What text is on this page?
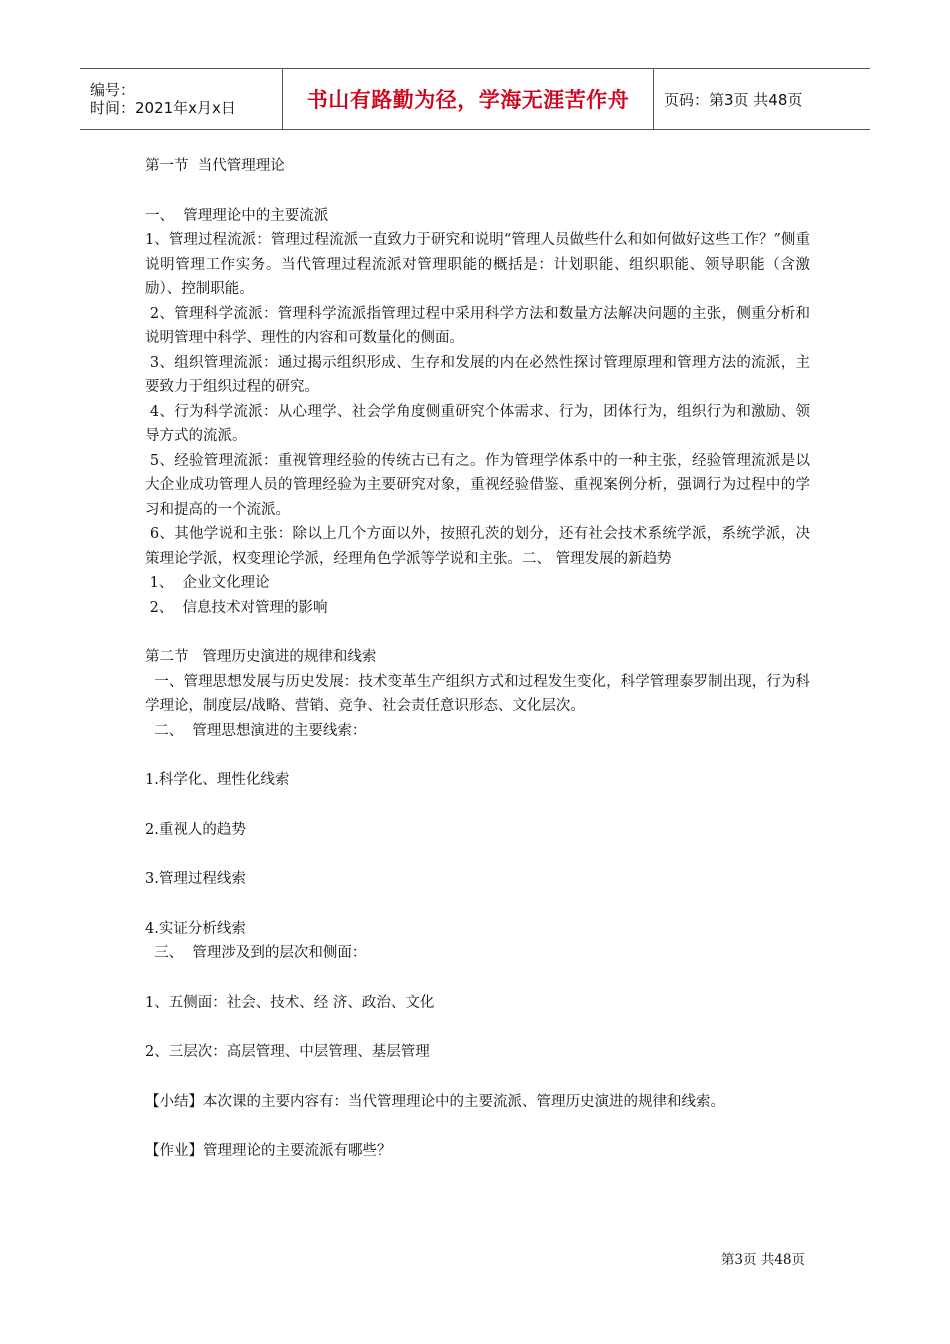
编号：
时间：2021年x月x日	书山有路勤为径，学海无涯苦作舟 页码：第3页 共48页

第一节  当代管理理论

一、  管理理论中的主要流派

1、管理过程流派：管理过程流派一直致力于研究和说明“管理人员做些什么和如何做好这些工作？”侧重说明管理工作实务。当代管理过程流派对管理职能的概括是：计划职能、组织职能、领导职能（含激励）、控制职能。

2、管理科学流派：管理科学流派指管理过程中采用科学方法和数量方法解决问题的主张，侧重分析和说明管理中科学、理性的内容和可数量化的侧面。

3、组织管理流派：通过揭示组织形成、生存和发展的内在必然性探讨管理原理和管理方法的流派，主要致力于组织过程的研究。

4、行为科学流派：从心理学、社会学角度侧重研究个体需求、行为，团体行为，组织行为和激励、领导方式的流派。

5、经验管理流派：重视管理经验的传统古已有之。作为管理学体系中的一种主张，经验管理流派是以大企业成功管理人员的管理经验为主要研究对象，重视经验借鉴、重视案例分析，强调行为过程中的学习和提高的一个流派。

6、其他学说和主张：除以上几个方面以外，按照孔茨的划分，还有社会技术系统学派，系统学派，决策理论学派，权变理论学派，经理角色学派等学说和主张。二、 管理发展的新趋势

1、  企业文化理论

2、  信息技术对管理的影响

第二节   管理历史演进的规律和线索

一、管理思想发展与历史发展：技术变革生产组织方式和过程发生变化，科学管理泰罗制出现，行为科学理论，制度层/战略、营销、竞争、社会责任意识形态、文化层次。

二、  管理思想演进的主要线索：

1.科学化、理性化线索

2.重视人的趋势

3.管理过程线索

4.实证分析线索

三、  管理涉及到的层次和侧面：

1、五侧面：社会、技术、经 济、政治、文化

2、三层次：高层管理、中层管理、基层管理

【小结】本次课的主要内容有：当代管理理论中的主要流派、管理历史演进的规律和线索。

【作业】管理理论的主要流派有哪些？

第3页 共48页
